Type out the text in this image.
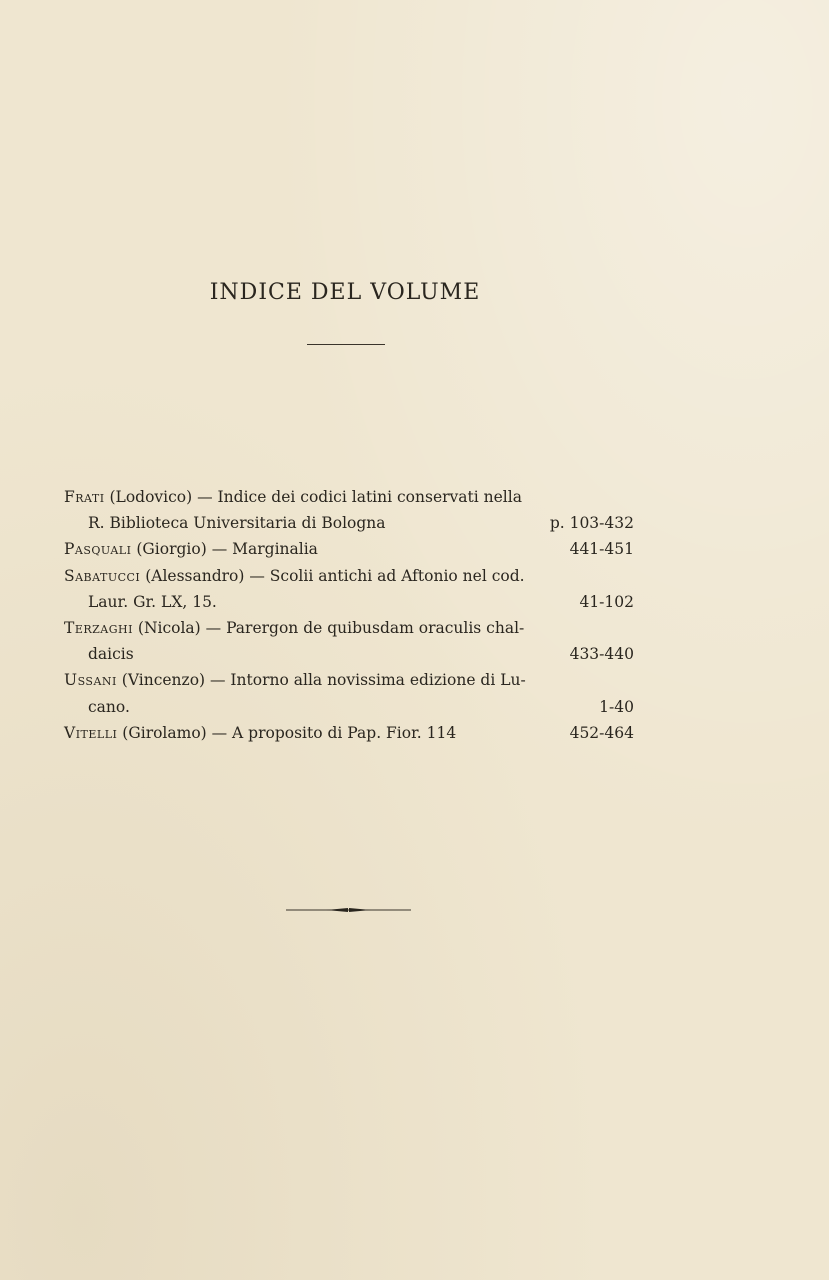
INDICE DEL VOLUME
Frati (Lodovico) — Indice dei codici latini conservati nella
R. Biblioteca Universitaria di Bologna	p. 103-432
Pasquali (Giorgio) — Marginalia	441-451
Sabatucci (Alessandro) — Scolii antichi ad Aftonio nel cod.
Laur. Gr. LX, 15.	41-102
Terzaghi (Nicola) — Parergon de quibusdam oraculis chal-
daicis	433-440
Ussani (Vincenzo) — Intorno alla novissima edizione di Lu-
cano.	1-40
Vitelli (Girolamo) — A proposito di Pap. Fior. 114	452-464
